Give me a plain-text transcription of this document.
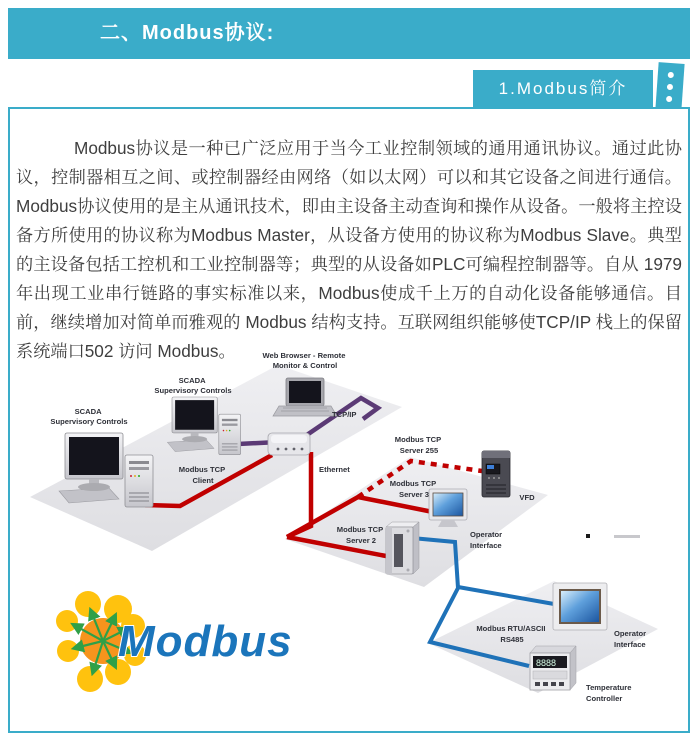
二、Modbus协议:
1.Modbus简介

Modbus协议是一种已广泛应用于当今工业控制领域的通用通讯协议。通过此协议，控制器相互之间、或控制器经由网络（如以太网）可以和其它设备之间进行通信。Modbus协议使用的是主从通讯技术，即由主设备主动查询和操作从设备。一般将主控设备方所使用的协议称为Modbus Master，从设备方使用的协议称为Modbus Slave。典型的主设备包括工控机和工业控制器等；典型的从设备如PLC可编程控制器等。自从 1979 年出现工业串行链路的事实标准以来，Modbus使成千上万的自动化设备能够通信。目前，继续增加对简单而雅观的 Modbus 结构支持。互联网组织能够使TCP/IP 栈上的保留系统端口502 访问 Modbus。

8888
Modbus
Web Browser - Remote Monitor & Control
TCP/IP
SCADA Supervisory Controls
SCADA Supervisory Controls
Modbus TCP Client
Ethernet
Modbus TCP Server 255
Modbus TCP Server 3
Modbus TCP Server 2
VFD
Operator Interface
Modbus RTU/ASCII RS485
Operator Interface
Temperature Controller
